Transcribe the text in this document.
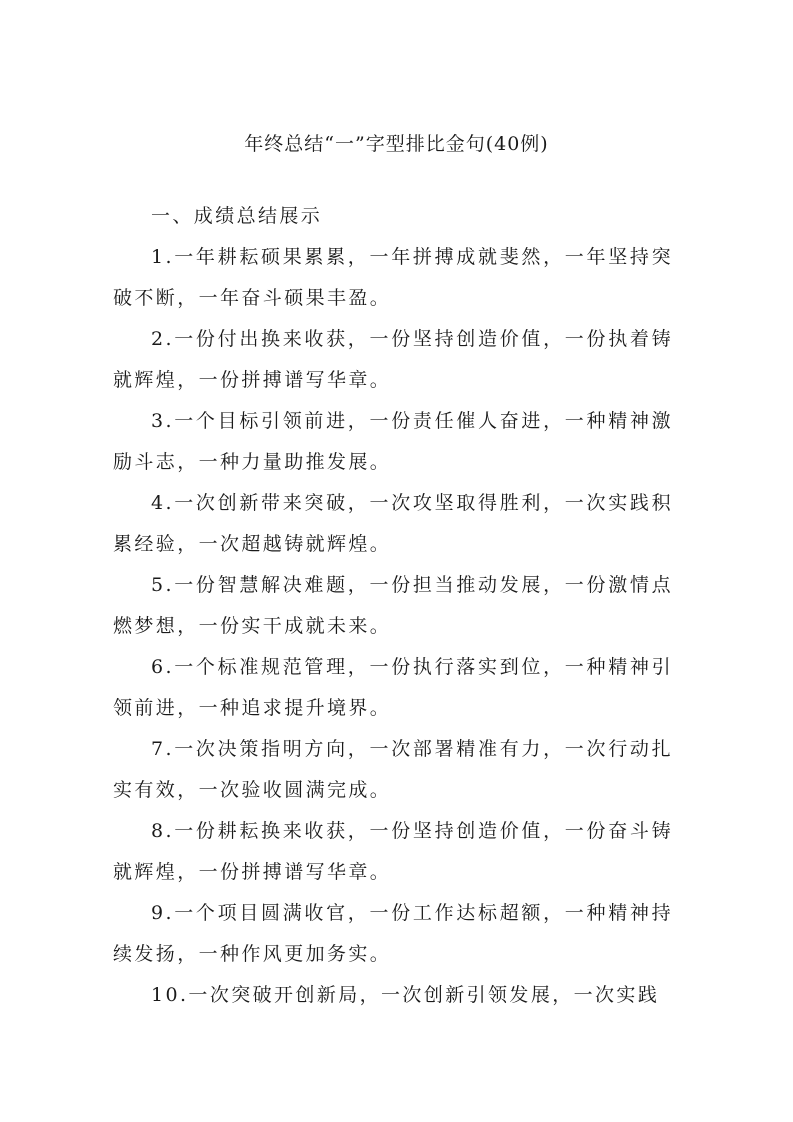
年终总结“一”字型排比金句(40例)

一、成绩总结展示

1.一年耕耘硕果累累，一年拼搏成就斐然，一年坚持突破不断，一年奋斗硕果丰盈。

2.一份付出换来收获，一份坚持创造价值，一份执着铸就辉煌，一份拼搏谱写华章。

3.一个目标引领前进，一份责任催人奋进，一种精神激励斗志，一种力量助推发展。

4.一次创新带来突破，一次攻坚取得胜利，一次实践积累经验，一次超越铸就辉煌。

5.一份智慧解决难题，一份担当推动发展，一份激情点燃梦想，一份实干成就未来。

6.一个标准规范管理，一份执行落实到位，一种精神引领前进，一种追求提升境界。

7.一次决策指明方向，一次部署精准有力，一次行动扎实有效，一次验收圆满完成。

8.一份耕耘换来收获，一份坚持创造价值，一份奋斗铸就辉煌，一份拼搏谱写华章。

9.一个项目圆满收官，一份工作达标超额，一种精神持续发扬，一种作风更加务实。

10.一次突破开创新局，一次创新引领发展，一次实践
